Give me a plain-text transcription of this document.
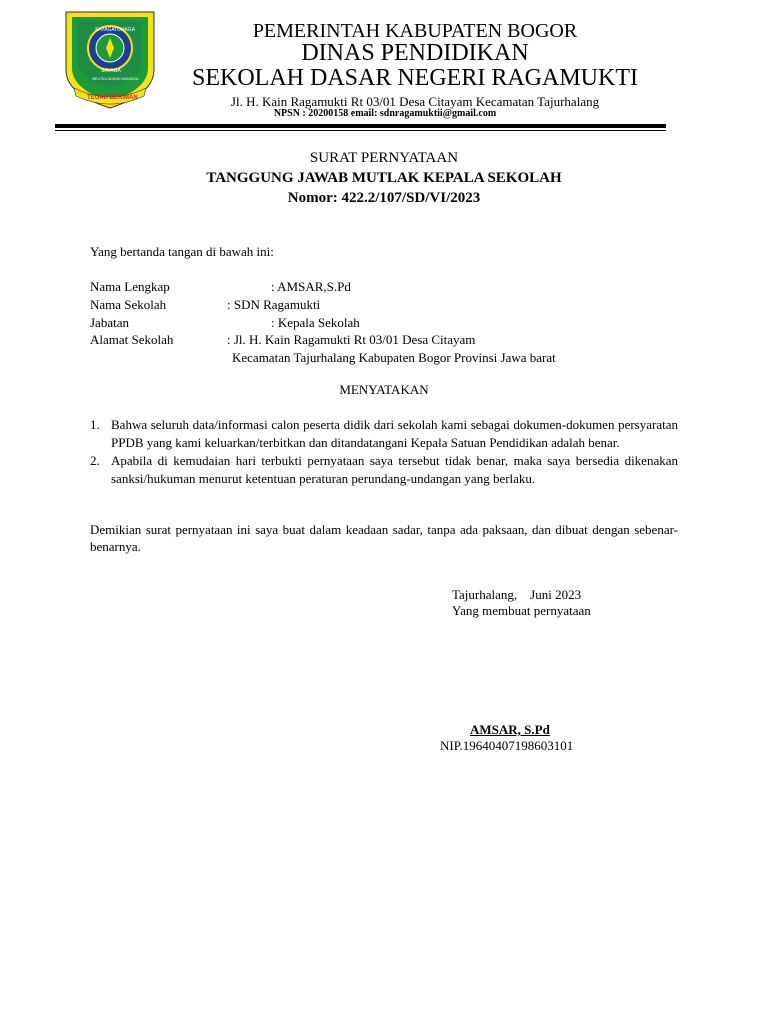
SAYAGA TOHAGA
SAYAGA
WEUTEU ADUNG WANGIGA
TEGAR BERIMAN
PEMERINTAH KABUPATEN BOGOR
DINAS PENDIDIKAN
SEKOLAH DASAR NEGERI RAGAMUKTI
Jl. H. Kain Ragamukti Rt 03/01 Desa Citayam Kecamatan Tajurhalang
NPSN : 20200158 email: sdnragamuktii@gmail.com
SURAT PERNYATAAN
TANGGUNG JAWAB MUTLAK KEPALA SEKOLAH
Nomor: 422.2/107/SD/VI/2023
Yang bertanda tangan di bawah ini:
Nama Lengkap	: AMSAR,S.Pd
Nama Sekolah	: SDN Ragamukti
Jabatan	: Kepala Sekolah
Alamat Sekolah	: Jl. H. Kain Ragamukti Rt 03/01 Desa Citayam
Kecamatan Tajurhalang Kabupaten Bogor Provinsi Jawa barat
MENYATAKAN
1. Bahwa seluruh data/informasi calon peserta didik dari sekolah kami sebagai dokumen-dokumen persyaratan PPDB yang kami keluarkan/terbitkan dan ditandatangani Kepala Satuan Pendidikan adalah benar.
2. Apabila di kemudaian hari terbukti pernyataan saya tersebut tidak benar, maka saya bersedia dikenakan sanksi/hukuman menurut ketentuan peraturan perundang-undangan yang berlaku.
Demikian surat pernyataan ini saya buat dalam keadaan sadar, tanpa ada paksaan, dan dibuat dengan sebenar-benarnya.
Tajurhalang,    Juni 2023
Yang membuat pernyataan
AMSAR, S.Pd
NIP.19640407198603101
